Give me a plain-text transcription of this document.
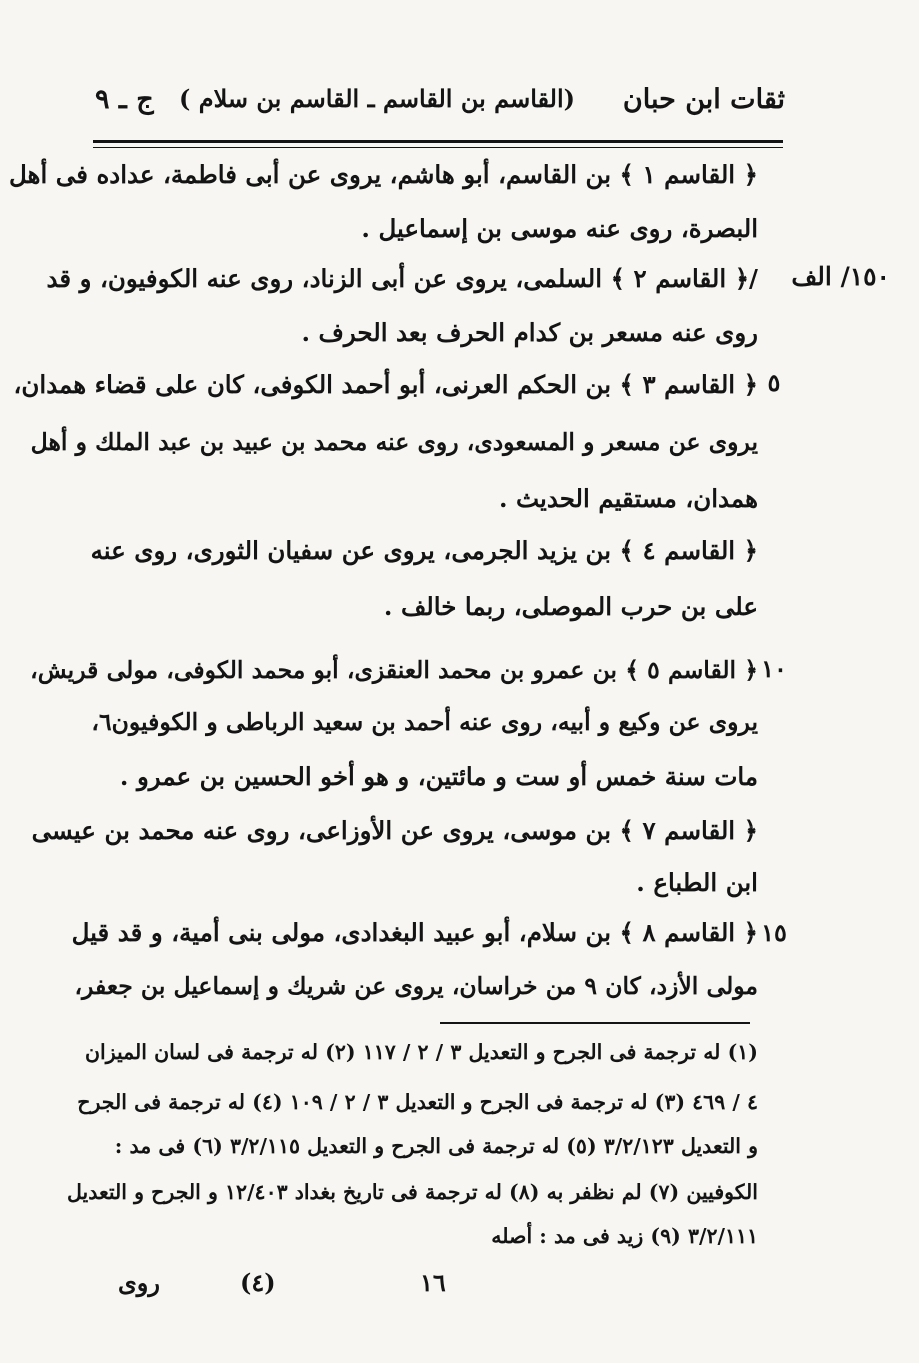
ثقات ابن حبان
(القاسم بن القاسم ـ القاسم بن سلام )
ج ـ ٩
١٥٠/ الف
٥
١٠
١٥
﴿ القاسم ١ ﴾ بن القاسم، أبو هاشم، يروى عن أبى فاطمة، عداده فى أهل
البصرة، روى عنه موسى بن إسماعيل .
/﴿ القاسم ٢ ﴾ السلمى، يروى عن أبى الزناد، روى عنه الكوفيون، و قد
روى عنه مسعر بن كدام الحرف بعد الحرف .
﴿ القاسم ٣ ﴾ بن الحكم العرنى، أبو أحمد الكوفى، كان على قضاء همدان،
يروى عن مسعر و المسعودى، روى عنه محمد بن عبيد بن عبد الملك و أهل
همدان، مستقيم الحديث .
﴿ القاسم ٤ ﴾ بن يزيد الجرمى، يروى عن سفيان الثورى، روى عنه
على بن حرب الموصلى، ربما خالف .
﴿ القاسم ٥ ﴾ بن عمرو بن محمد العنقزى، أبو محمد الكوفى، مولى قريش،
يروى عن وكيع و أبيه، روى عنه أحمد بن سعيد الرباطى و الكوفيون٦،
مات سنة خمس أو ست و مائتين، و هو أخو الحسين بن عمرو .
﴿ القاسم ٧ ﴾ بن موسى، يروى عن الأوزاعى، روى عنه محمد بن عيسى
ابن الطباع .
﴿ القاسم ٨ ﴾ بن سلام، أبو عبيد البغدادى، مولى بنى أمية، و قد قيل
مولى الأزد، كان ٩ من خراسان، يروى عن شريك و إسماعيل بن جعفر،
(١) له ترجمة فى الجرح و التعديل ٣ / ٢ / ١١٧ (٢) له ترجمة فى لسان الميزان
٤ / ٤٦٩ (٣) له ترجمة فى الجرح و التعديل ٣ / ٢ / ١٠٩ (٤) له ترجمة فى الجرح
و التعديل ٣/٢/١٢٣ (٥) له ترجمة فى الجرح و التعديل ٣/٢/١١٥ (٦) فى مد :
الكوفيين (٧) لم نظفر به (٨) له ترجمة فى تاريخ بغداد ١٢/٤٠٣ و الجرح و التعديل
٣/٢/١١١ (٩) زيد فى مد : أصله
١٦
(٤)
روى
